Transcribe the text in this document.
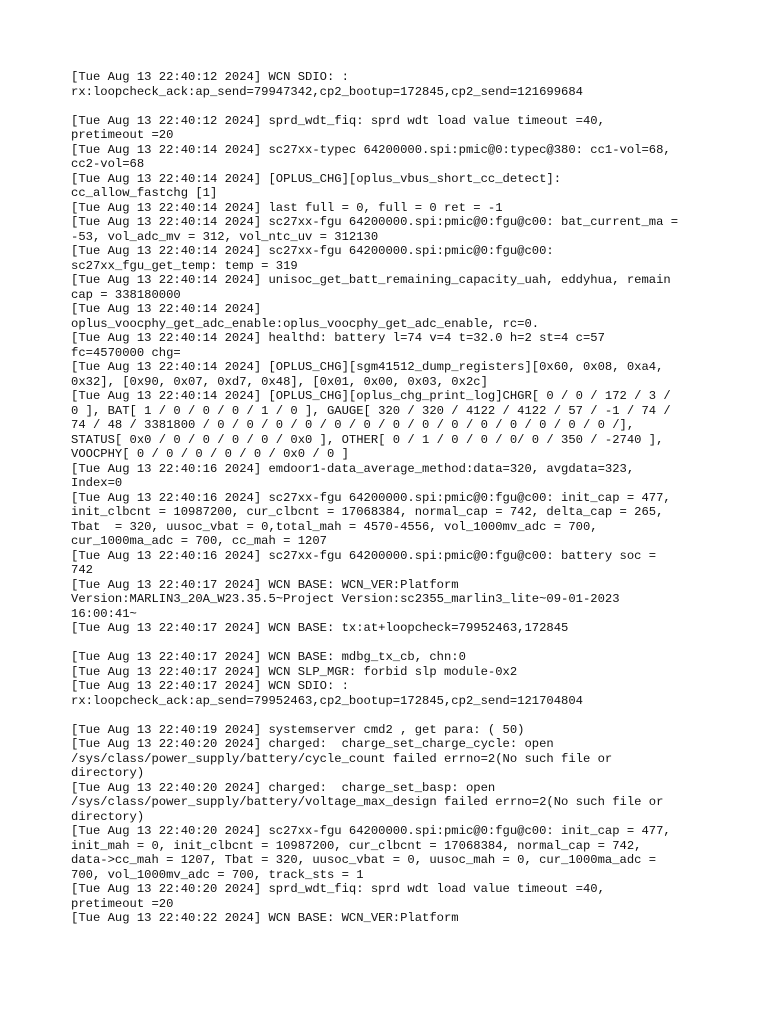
[Tue Aug 13 22:40:12 2024] WCN SDIO: :
rx:loopcheck_ack:ap_send=79947342,cp2_bootup=172845,cp2_send=121699684
[Tue Aug 13 22:40:12 2024] sprd_wdt_fiq: sprd wdt load value timeout =40,
pretimeout =20
[Tue Aug 13 22:40:14 2024] sc27xx-typec 64200000.spi:pmic@0:typec@380: cc1-vol=68,
cc2-vol=68
[Tue Aug 13 22:40:14 2024] [OPLUS_CHG][oplus_vbus_short_cc_detect]:
cc_allow_fastchg [1]
[Tue Aug 13 22:40:14 2024] last full = 0, full = 0 ret = -1
[Tue Aug 13 22:40:14 2024] sc27xx-fgu 64200000.spi:pmic@0:fgu@c00: bat_current_ma =
-53, vol_adc_mv = 312, vol_ntc_uv = 312130
[Tue Aug 13 22:40:14 2024] sc27xx-fgu 64200000.spi:pmic@0:fgu@c00:
sc27xx_fgu_get_temp: temp = 319
[Tue Aug 13 22:40:14 2024] unisoc_get_batt_remaining_capacity_uah, eddyhua, remain
cap = 338180000
[Tue Aug 13 22:40:14 2024]
oplus_voocphy_get_adc_enable:oplus_voocphy_get_adc_enable, rc=0.
[Tue Aug 13 22:40:14 2024] healthd: battery l=74 v=4 t=32.0 h=2 st=4 c=57
fc=4570000 chg=
[Tue Aug 13 22:40:14 2024] [OPLUS_CHG][sgm41512_dump_registers][0x60, 0x08, 0xa4,
0x32], [0x90, 0x07, 0xd7, 0x48], [0x01, 0x00, 0x03, 0x2c]
[Tue Aug 13 22:40:14 2024] [OPLUS_CHG][oplus_chg_print_log]CHGR[ 0 / 0 / 172 / 3 /
0 ], BAT[ 1 / 0 / 0 / 0 / 1 / 0 ], GAUGE[ 320 / 320 / 4122 / 4122 / 57 / -1 / 74 /
74 / 48 / 3381800 / 0 / 0 / 0 / 0 / 0 / 0 / 0 / 0 / 0 / 0 / 0 / 0 / 0 / 0 /],
STATUS[ 0x0 / 0 / 0 / 0 / 0 / 0x0 ], OTHER[ 0 / 1 / 0 / 0 / 0/ 0 / 350 / -2740 ],
VOOCPHY[ 0 / 0 / 0 / 0 / 0 / 0x0 / 0 ]
[Tue Aug 13 22:40:16 2024] emdoor1-data_average_method:data=320, avgdata=323,
Index=0
[Tue Aug 13 22:40:16 2024] sc27xx-fgu 64200000.spi:pmic@0:fgu@c00: init_cap = 477,
init_clbcnt = 10987200, cur_clbcnt = 17068384, normal_cap = 742, delta_cap = 265,
Tbat  = 320, uusoc_vbat = 0,total_mah = 4570-4556, vol_1000mv_adc = 700,
cur_1000ma_adc = 700, cc_mah = 1207
[Tue Aug 13 22:40:16 2024] sc27xx-fgu 64200000.spi:pmic@0:fgu@c00: battery soc =
742
[Tue Aug 13 22:40:17 2024] WCN BASE: WCN_VER:Platform
Version:MARLIN3_20A_W23.35.5~Project Version:sc2355_marlin3_lite~09-01-2023
16:00:41~
[Tue Aug 13 22:40:17 2024] WCN BASE: tx:at+loopcheck=79952463,172845
[Tue Aug 13 22:40:17 2024] WCN BASE: mdbg_tx_cb, chn:0
[Tue Aug 13 22:40:17 2024] WCN SLP_MGR: forbid slp module-0x2
[Tue Aug 13 22:40:17 2024] WCN SDIO: :
rx:loopcheck_ack:ap_send=79952463,cp2_bootup=172845,cp2_send=121704804
[Tue Aug 13 22:40:19 2024] systemserver cmd2 , get para: ( 50)
[Tue Aug 13 22:40:20 2024] charged:  charge_set_charge_cycle: open
/sys/class/power_supply/battery/cycle_count failed errno=2(No such file or
directory)
[Tue Aug 13 22:40:20 2024] charged:  charge_set_basp: open
/sys/class/power_supply/battery/voltage_max_design failed errno=2(No such file or
directory)
[Tue Aug 13 22:40:20 2024] sc27xx-fgu 64200000.spi:pmic@0:fgu@c00: init_cap = 477,
init_mah = 0, init_clbcnt = 10987200, cur_clbcnt = 17068384, normal_cap = 742,
data->cc_mah = 1207, Tbat = 320, uusoc_vbat = 0, uusoc_mah = 0, cur_1000ma_adc =
700, vol_1000mv_adc = 700, track_sts = 1
[Tue Aug 13 22:40:20 2024] sprd_wdt_fiq: sprd wdt load value timeout =40,
pretimeout =20
[Tue Aug 13 22:40:22 2024] WCN BASE: WCN_VER:Platform
